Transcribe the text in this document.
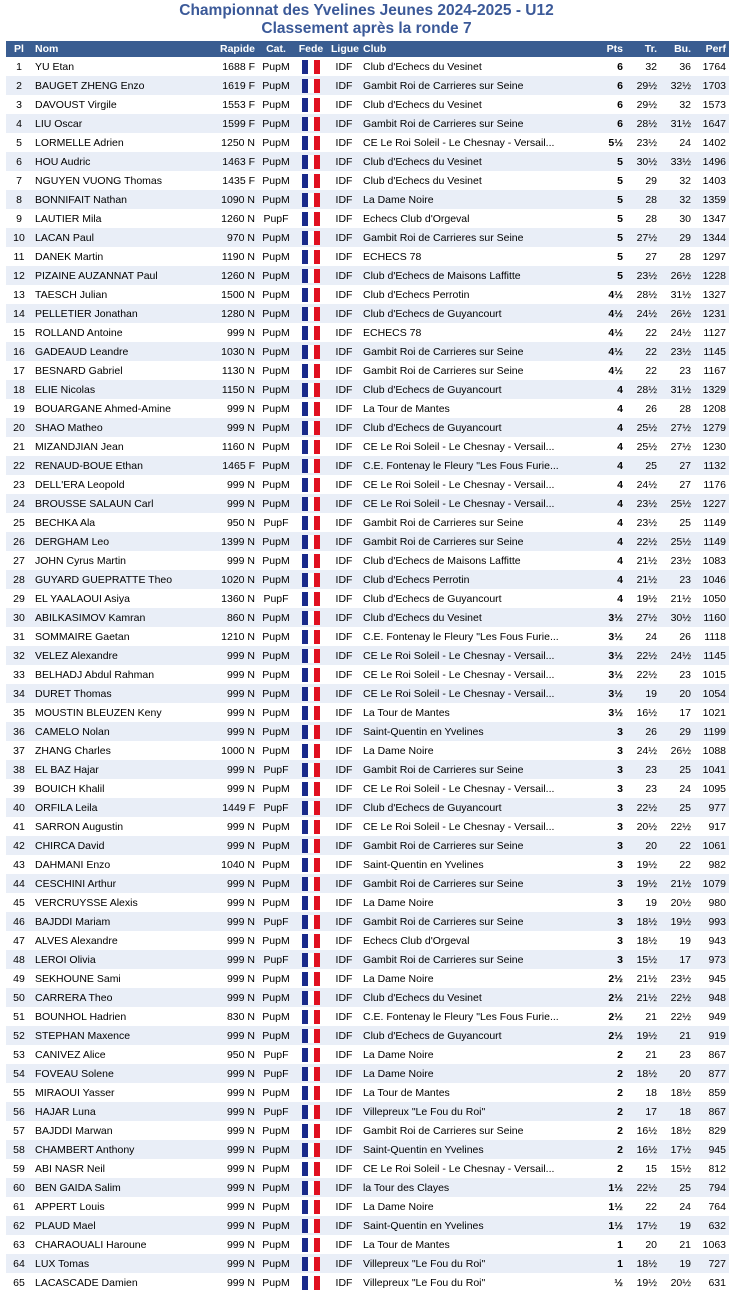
Championnat des Yvelines Jeunes 2024-2025 - U12
Classement après la ronde 7
Pl	Nom	Rapide	Cat.	Fede	Ligue	Club	Pts	Tr.	Bu.	Perf
1	YU Etan	1688 F	PupM		IDF	Club d'Echecs du Vesinet	6	32	36	1764
2	BAUGET ZHENG Enzo	1619 F	PupM		IDF	Gambit Roi de Carrieres sur Seine	6	29½	32½	1703
3	DAVOUST Virgile	1553 F	PupM		IDF	Club d'Echecs du Vesinet	6	29½	32	1573
4	LIU Oscar	1599 F	PupM		IDF	Gambit Roi de Carrieres sur Seine	6	28½	31½	1647
5	LORMELLE Adrien	1250 N	PupM		IDF	CE Le Roi Soleil - Le Chesnay - Versail...	5½	23½	24	1402
6	HOU Audric	1463 F	PupM		IDF	Club d'Echecs du Vesinet	5	30½	33½	1496
7	NGUYEN VUONG Thomas	1435 F	PupM		IDF	Club d'Echecs du Vesinet	5	29	32	1403
8	BONNIFAIT Nathan	1090 N	PupM		IDF	La Dame Noire	5	28	32	1359
9	LAUTIER Mila	1260 N	PupF		IDF	Echecs Club d'Orgeval	5	28	30	1347
10	LACAN Paul	970 N	PupM		IDF	Gambit Roi de Carrieres sur Seine	5	27½	29	1344
11	DANEK Martin	1190 N	PupM		IDF	ECHECS 78	5	27	28	1297
12	PIZAINE AUZANNAT Paul	1260 N	PupM		IDF	Club d'Echecs de Maisons Laffitte	5	23½	26½	1228
13	TAESCH Julian	1500 N	PupM		IDF	Club d'Echecs Perrotin	4½	28½	31½	1327
14	PELLETIER Jonathan	1280 N	PupM		IDF	Club d'Echecs de Guyancourt	4½	24½	26½	1231
15	ROLLAND Antoine	999 N	PupM		IDF	ECHECS 78	4½	22	24½	1127
16	GADEAUD Leandre	1030 N	PupM		IDF	Gambit Roi de Carrieres sur Seine	4½	22	23½	1145
17	BESNARD Gabriel	1130 N	PupM		IDF	Gambit Roi de Carrieres sur Seine	4½	22	23	1167
18	ELIE Nicolas	1150 N	PupM		IDF	Club d'Echecs de Guyancourt	4	28½	31½	1329
19	BOUARGANE Ahmed-Amine	999 N	PupM		IDF	La Tour de Mantes	4	26	28	1208
20	SHAO Matheo	999 N	PupM		IDF	Club d'Echecs de Guyancourt	4	25½	27½	1279
21	MIZANDJIAN Jean	1160 N	PupM		IDF	CE Le Roi Soleil - Le Chesnay - Versail...	4	25½	27½	1230
22	RENAUD-BOUE Ethan	1465 F	PupM		IDF	C.E. Fontenay le Fleury "Les Fous Furie...	4	25	27	1132
23	DELL'ERA Leopold	999 N	PupM		IDF	CE Le Roi Soleil - Le Chesnay - Versail...	4	24½	27	1176
24	BROUSSE SALAUN Carl	999 N	PupM		IDF	CE Le Roi Soleil - Le Chesnay - Versail...	4	23½	25½	1227
25	BECHKA Ala	950 N	PupF		IDF	Gambit Roi de Carrieres sur Seine	4	23½	25	1149
26	DERGHAM Leo	1399 N	PupM		IDF	Gambit Roi de Carrieres sur Seine	4	22½	25½	1149
27	JOHN Cyrus Martin	999 N	PupM		IDF	Club d'Echecs de Maisons Laffitte	4	21½	23½	1083
28	GUYARD GUEPRATTE Theo	1020 N	PupM		IDF	Club d'Echecs Perrotin	4	21½	23	1046
29	EL YAALAOUI Asiya	1360 N	PupF		IDF	Club d'Echecs de Guyancourt	4	19½	21½	1050
30	ABILKASIMOV Kamran	860 N	PupM		IDF	Club d'Echecs du Vesinet	3½	27½	30½	1160
31	SOMMAIRE Gaetan	1210 N	PupM		IDF	C.E. Fontenay le Fleury "Les Fous Furie...	3½	24	26	1118
32	VELEZ Alexandre	999 N	PupM		IDF	CE Le Roi Soleil - Le Chesnay - Versail...	3½	22½	24½	1145
33	BELHADJ Abdul Rahman	999 N	PupM		IDF	CE Le Roi Soleil - Le Chesnay - Versail...	3½	22½	23	1015
34	DURET Thomas	999 N	PupM		IDF	CE Le Roi Soleil - Le Chesnay - Versail...	3½	19	20	1054
35	MOUSTIN BLEUZEN Keny	999 N	PupM		IDF	La Tour de Mantes	3½	16½	17	1021
36	CAMELO Nolan	999 N	PupM		IDF	Saint-Quentin en Yvelines	3	26	29	1199
37	ZHANG Charles	1000 N	PupM		IDF	La Dame Noire	3	24½	26½	1088
38	EL BAZ Hajar	999 N	PupF		IDF	Gambit Roi de Carrieres sur Seine	3	23	25	1041
39	BOUICH Khalil	999 N	PupM		IDF	CE Le Roi Soleil - Le Chesnay - Versail...	3	23	24	1095
40	ORFILA Leila	1449 F	PupF		IDF	Club d'Echecs de Guyancourt	3	22½	25	977
41	SARRON Augustin	999 N	PupM		IDF	CE Le Roi Soleil - Le Chesnay - Versail...	3	20½	22½	917
42	CHIRCA David	999 N	PupM		IDF	Gambit Roi de Carrieres sur Seine	3	20	22	1061
43	DAHMANI Enzo	1040 N	PupM		IDF	Saint-Quentin en Yvelines	3	19½	22	982
44	CESCHINI Arthur	999 N	PupM		IDF	Gambit Roi de Carrieres sur Seine	3	19½	21½	1079
45	VERCRUYSSE Alexis	999 N	PupM		IDF	La Dame Noire	3	19	20½	980
46	BAJDDI Mariam	999 N	PupF		IDF	Gambit Roi de Carrieres sur Seine	3	18½	19½	993
47	ALVES Alexandre	999 N	PupM		IDF	Echecs Club d'Orgeval	3	18½	19	943
48	LEROI Olivia	999 N	PupF		IDF	Gambit Roi de Carrieres sur Seine	3	15½	17	973
49	SEKHOUNE Sami	999 N	PupM		IDF	La Dame Noire	2½	21½	23½	945
50	CARRERA Theo	999 N	PupM		IDF	Club d'Echecs du Vesinet	2½	21½	22½	948
51	BOUNHOL Hadrien	830 N	PupM		IDF	C.E. Fontenay le Fleury "Les Fous Furie...	2½	21	22½	949
52	STEPHAN Maxence	999 N	PupM		IDF	Club d'Echecs de Guyancourt	2½	19½	21	919
53	CANIVEZ Alice	950 N	PupF		IDF	La Dame Noire	2	21	23	867
54	FOVEAU Solene	999 N	PupF		IDF	La Dame Noire	2	18½	20	877
55	MIRAOUI Yasser	999 N	PupM		IDF	La Tour de Mantes	2	18	18½	859
56	HAJAR Luna	999 N	PupF		IDF	Villepreux "Le Fou du Roi"	2	17	18	867
57	BAJDDI Marwan	999 N	PupM		IDF	Gambit Roi de Carrieres sur Seine	2	16½	18½	829
58	CHAMBERT Anthony	999 N	PupM		IDF	Saint-Quentin en Yvelines	2	16½	17½	945
59	ABI NASR Neil	999 N	PupM		IDF	CE Le Roi Soleil - Le Chesnay - Versail...	2	15	15½	812
60	BEN GAIDA Salim	999 N	PupM		IDF	la Tour des Clayes	1½	22½	25	794
61	APPERT Louis	999 N	PupM		IDF	La Dame Noire	1½	22	24	764
62	PLAUD Mael	999 N	PupM		IDF	Saint-Quentin en Yvelines	1½	17½	19	632
63	CHARAOUALI Haroune	999 N	PupM		IDF	La Tour de Mantes	1	20	21	1063
64	LUX Tomas	999 N	PupM		IDF	Villepreux "Le Fou du Roi"	1	18½	19	727
65	LACASCADE Damien	999 N	PupM		IDF	Villepreux "Le Fou du Roi"	½	19½	20½	631
